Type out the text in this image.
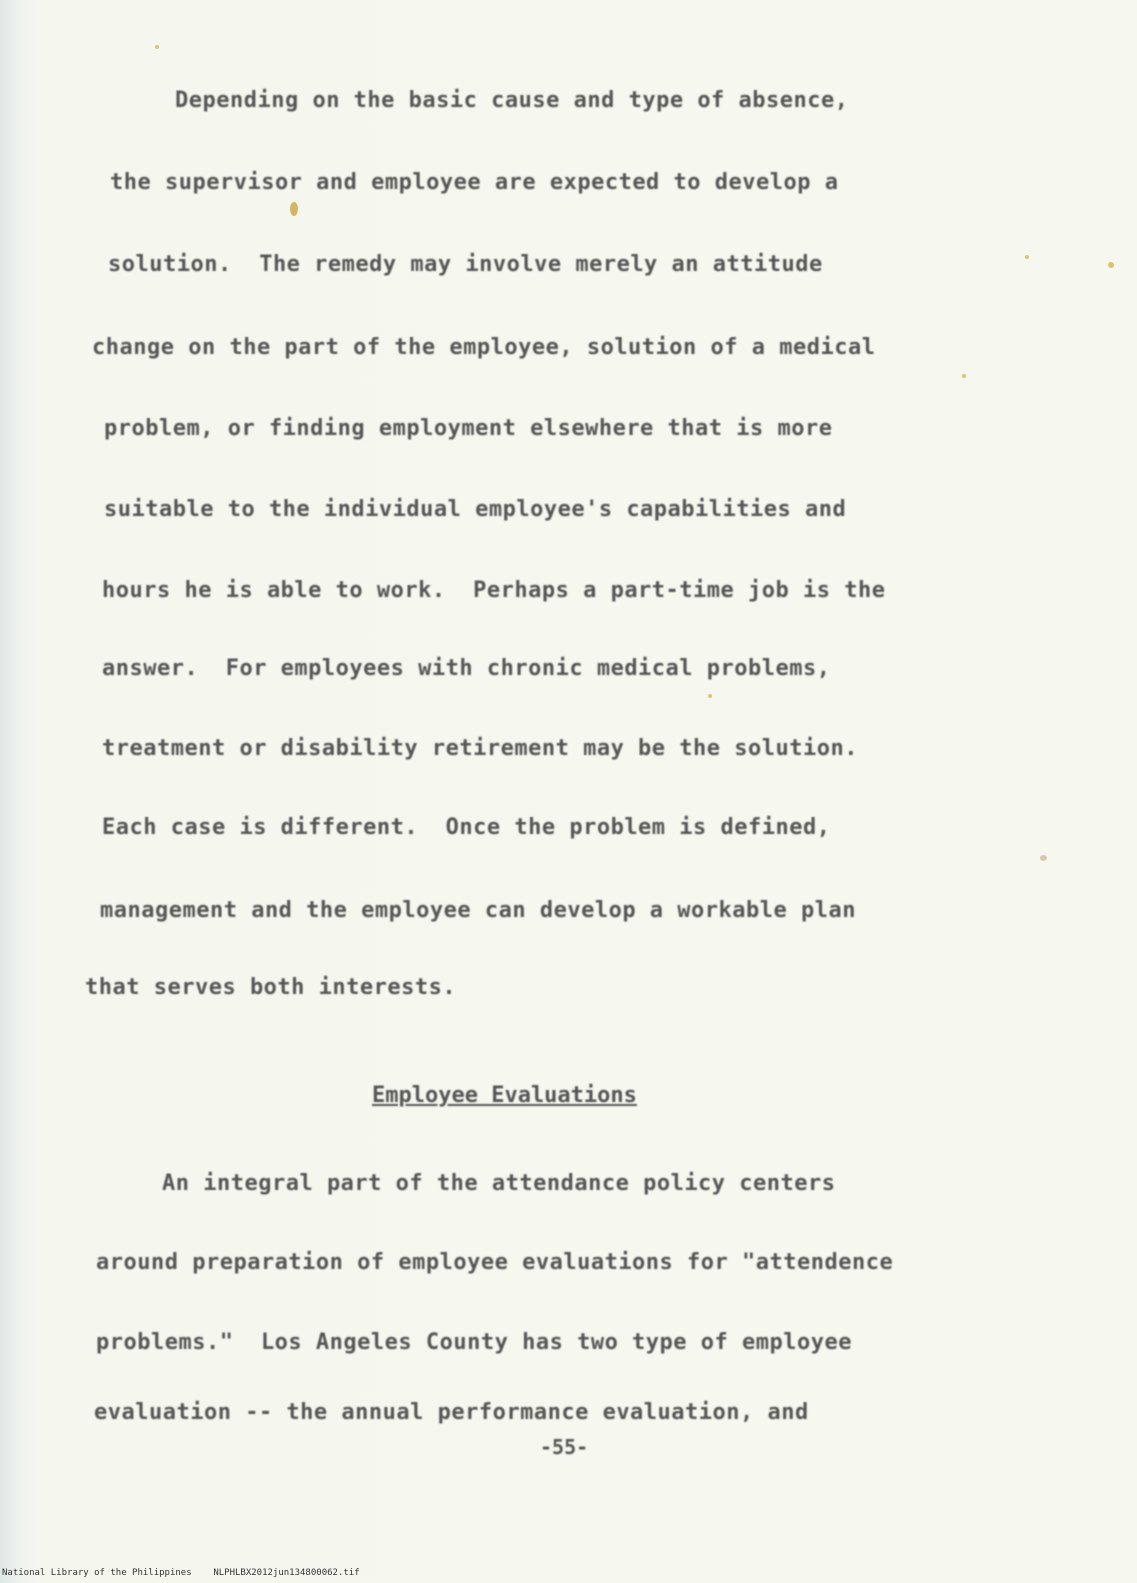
Depending on the basic cause and type of absence,
the supervisor and employee are expected to develop a
solution.  The remedy may involve merely an attitude
change on the part of the employee, solution of a medical
problem, or finding employment elsewhere that is more
suitable to the individual employee's capabilities and
hours he is able to work.  Perhaps a part-time job is the
answer.  For employees with chronic medical problems,
treatment or disability retirement may be the solution.
Each case is different.  Once the problem is defined,
management and the employee can develop a workable plan
that serves both interests.
Employee Evaluations
An integral part of the attendance policy centers
around preparation of employee evaluations for "attendence
problems."  Los Angeles County has two type of employee
evaluation -- the annual performance evaluation, and
-55-
National Library of the Philippines    NLPHLBX2012jun134800062.tif
